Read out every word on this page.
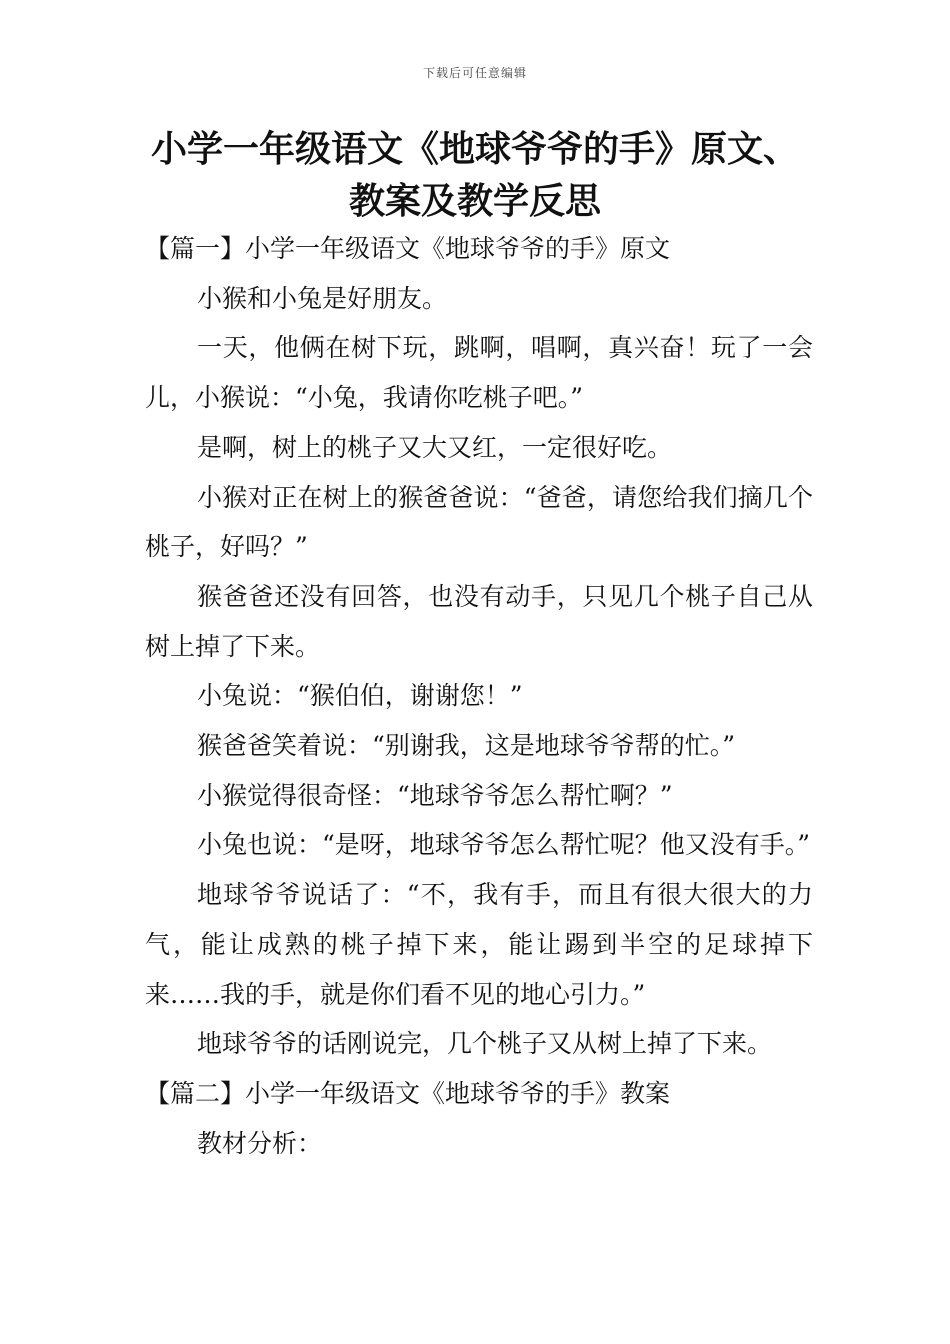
下载后可任意编辑
小学一年级语文《地球爷爷的手》原文、
教案及教学反思

【篇一】小学一年级语文《地球爷爷的手》原文

小猴和小兔是好朋友。

一天，他俩在树下玩，跳啊，唱啊，真兴奋！玩了一会儿，小猴说：“小兔，我请你吃桃子吧。”

是啊，树上的桃子又大又红，一定很好吃。

小猴对正在树上的猴爸爸说：“爸爸，请您给我们摘几个桃子，好吗？”

猴爸爸还没有回答，也没有动手，只见几个桃子自己从树上掉了下来。

小兔说：“猴伯伯，谢谢您！”

猴爸爸笑着说：“别谢我，这是地球爷爷帮的忙。”

小猴觉得很奇怪：“地球爷爷怎么帮忙啊？”

小兔也说：“是呀，地球爷爷怎么帮忙呢？他又没有手。”

地球爷爷说话了：“不，我有手，而且有很大很大的力气，能让成熟的桃子掉下来，能让踢到半空的足球掉下来……我的手，就是你们看不见的地心引力。”

地球爷爷的话刚说完，几个桃子又从树上掉了下来。

【篇二】小学一年级语文《地球爷爷的手》教案

教材分析：
